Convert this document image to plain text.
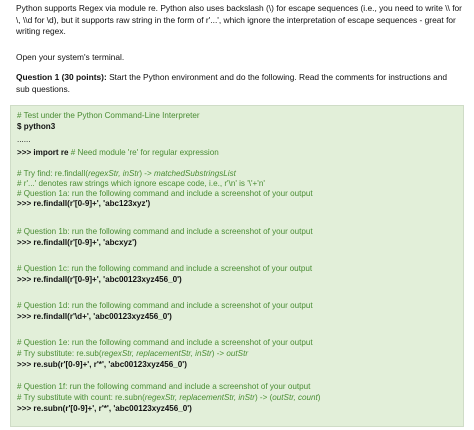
Python supports Regex via module re. Python also uses backslash (\) for escape sequences (i.e., you need to write \\ for \, \\d for \d), but it supports raw string in the form of r'...', which ignore the interpretation of escape sequences - great for writing regex.

Open your system's terminal.

Question 1 (30 points): Start the Python environment and do the following. Read the comments for instructions and sub questions.

# Test under the Python Command-Line Interpreter
$ python3
......
>>> import re # Need module 're' for regular expression
# Try find: re.findall(regexStr, inStr) -> matchedSubstringsList
# r'...' denotes raw strings which ignore escape code, i.e., r'\n' is '\'+'n'
# Question 1a: run the following command and include a screenshot of your output
>>> re.findall(r'[0-9]+', 'abc123xyz')
# Question 1b: run the following command and include a screenshot of your output
>>> re.findall(r'[0-9]+', 'abcxyz')
# Question 1c: run the following command and include a screenshot of your output
>>> re.findall(r'[0-9]+', 'abc00123xyz456_0')
# Question 1d: run the following command and include a screenshot of your output
>>> re.findall(r'\d+', 'abc00123xyz456_0')
# Question 1e: run the following command and include a screenshot of your output
# Try substitute: re.sub(regexStr, replacementStr, inStr) -> outStr
>>> re.sub(r'[0-9]+', r'*', 'abc00123xyz456_0')
# Question 1f: run the following command and include a screenshot of your output
# Try substitute with count: re.subn(regexStr, replacementStr, inStr) -> (outStr, count)
>>> re.subn(r'[0-9]+', r'*', 'abc00123xyz456_0')
